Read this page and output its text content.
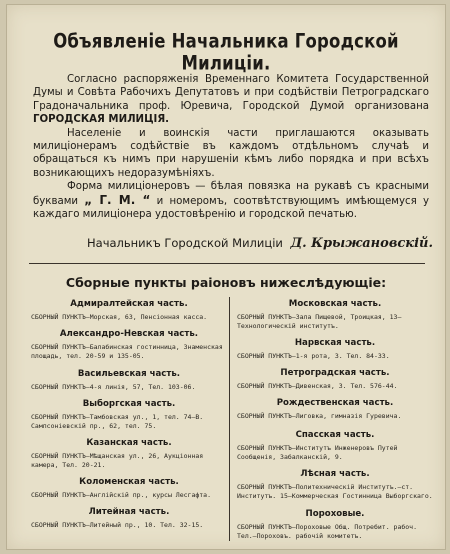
Объявленіе Начальника Городской Милиціи.

Согласно распоряженія Временнаго Комитета Государственной Думы и Совѣта Рабочихъ Депутатовъ и при содѣйствіи Петроградскаго Градоначальника проф. Юревича, Городской Думой организована ГОРОДСКАЯ МИЛИЦІЯ.

Населеніе и воинскія части приглашаются оказывать милиціонерамъ содѣйствіе въ каждомъ отдѣльномъ случаѣ и обращаться къ нимъ при нарушеніи кѣмъ либо порядка и при всѣхъ возникающихъ недоразумѣніяхъ.

Форма милиціонеровъ — бѣлая повязка на рукавѣ съ красными буквами „ Г. М. “ и номеромъ, соотвѣтствующимъ имѣющемуся у каждаго милиціонера удостовѣренію и городской печатью.

Начальникъ Городской Милиціи Д. Крыжановскій.
Сборные пункты раіоновъ нижеслѣдующіе:
Адмиралтейская часть.
СБОРНЫЙ ПУНКТЪ—Морская, 63, Пенсіонная касса.
Александро-Невская часть.
СБОРНЫЙ ПУНКТЪ—Балабинская гостинница, Знаменская площадь, тел. 20-59 и 135-05.
Васильевская часть.
СБОРНЫЙ ПУНКТЪ—4-я линія, 57, Тел. 103-06.
Выборгская часть.
СБОРНЫЙ ПУНКТЪ—Тамбовская ул., 1, тел. 74—В. Сампсоніевскій пр., 62, тел. 75.
Казанская часть.
СБОРНЫЙ ПУНКТЪ—Мѣщанская ул., 26, Аукціонная камера, Тел. 20-21.
Коломенская часть.
СБОРНЫЙ ПУНКТЪ—Англійскій пр., курсы Лесгафта.
Литейная часть.
СБОРНЫЙ ПУНКТЪ—Литейный пр., 10. Тел. 32-15.
Московская часть.
СБОРНЫЙ ПУНКТЪ—Зала Пищевой, Троицкая, 13—Технологическій институтъ.
Нарвская часть.
СБОРНЫЙ ПУНКТЪ—1-я рота, 3. Тел. 84-33.
Петроградская часть.
СБОРНЫЙ ПУНКТЪ—Дивенская, 3. Тел. 576-44.
Рождественская часть.
СБОРНЫЙ ПУНКТЪ—Лиговка, гимназія Гуревича.
Спасская часть.
СБОРНЫЙ ПУНКТЪ—Институтъ Инженеровъ Путей Сообщенія, Забалканскій, 9.
Лѣсная часть.
СБОРНЫЙ ПУНКТЪ—Политехническій Институтъ.—ст. Институтъ. 15—Коммерческая Гостинница Выборгскаго.
Пороховые.
СБОРНЫЙ ПУНКТЪ—Пороховые Общ. Потребит. рабоч. Тел.—Пороховъ. рабочій комитетъ.
